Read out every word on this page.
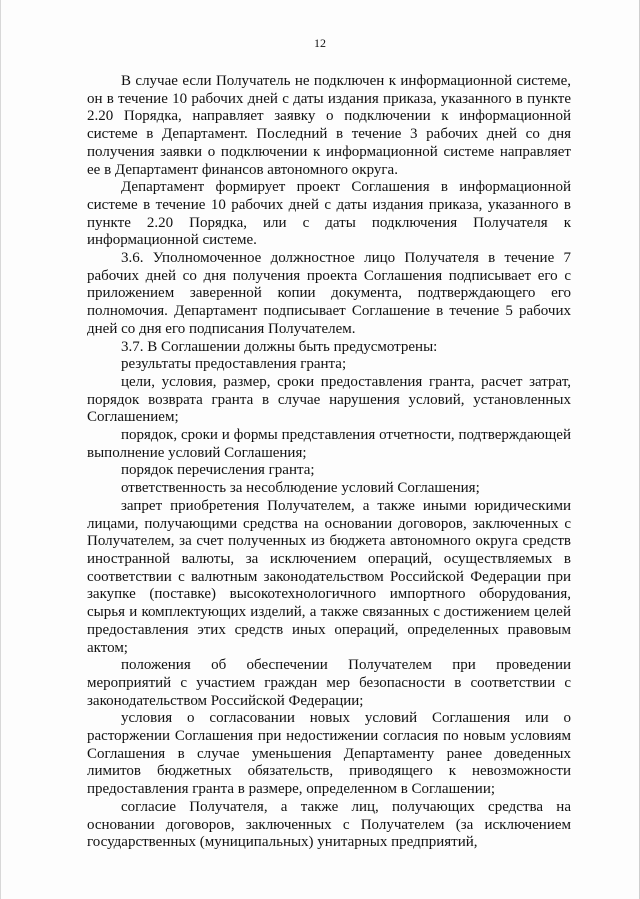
12

В случае если Получатель не подключен к информационной системе, он в течение 10 рабочих дней с даты издания приказа, указанного в пункте 2.20 Порядка, направляет заявку о подключении к информационной системе в Департамент. Последний в течение 3 рабочих дней со дня получения заявки о подключении к информационной системе направляет ее в Департамент финансов автономного округа.

Департамент формирует проект Соглашения в информационной системе в течение 10 рабочих дней с даты издания приказа, указанного в пункте 2.20 Порядка, или с даты подключения Получателя к информационной системе.

3.6. Уполномоченное должностное лицо Получателя в течение 7 рабочих дней со дня получения проекта Соглашения подписывает его с приложением заверенной копии документа, подтверждающего его полномочия. Департамент подписывает Соглашение в течение 5 рабочих дней со дня его подписания Получателем.

3.7. В Соглашении должны быть предусмотрены:

результаты предоставления гранта;

цели, условия, размер, сроки предоставления гранта, расчет затрат, порядок возврата гранта в случае нарушения условий, установленных Соглашением;

порядок, сроки и формы представления отчетности, подтверждающей выполнение условий Соглашения;

порядок перечисления гранта;

ответственность за несоблюдение условий Соглашения;

запрет приобретения Получателем, а также иными юридическими лицами, получающими средства на основании договоров, заключенных с Получателем, за счет полученных из бюджета автономного округа средств иностранной валюты, за исключением операций, осуществляемых в соответствии с валютным законодательством Российской Федерации при закупке (поставке) высокотехнологичного импортного оборудования, сырья и комплектующих изделий, а также связанных с достижением целей предоставления этих средств иных операций, определенных правовым актом;

положения об обеспечении Получателем при проведении мероприятий с участием граждан мер безопасности в соответствии с законодательством Российской Федерации;

условия о согласовании новых условий Соглашения или о расторжении Соглашения при недостижении согласия по новым условиям Соглашения в случае уменьшения Департаменту ранее доведенных лимитов бюджетных обязательств, приводящего к невозможности предоставления гранта в размере, определенном в Соглашении;

согласие Получателя, а также лиц, получающих средства на основании договоров, заключенных с Получателем (за исключением государственных (муниципальных) унитарных предприятий,
